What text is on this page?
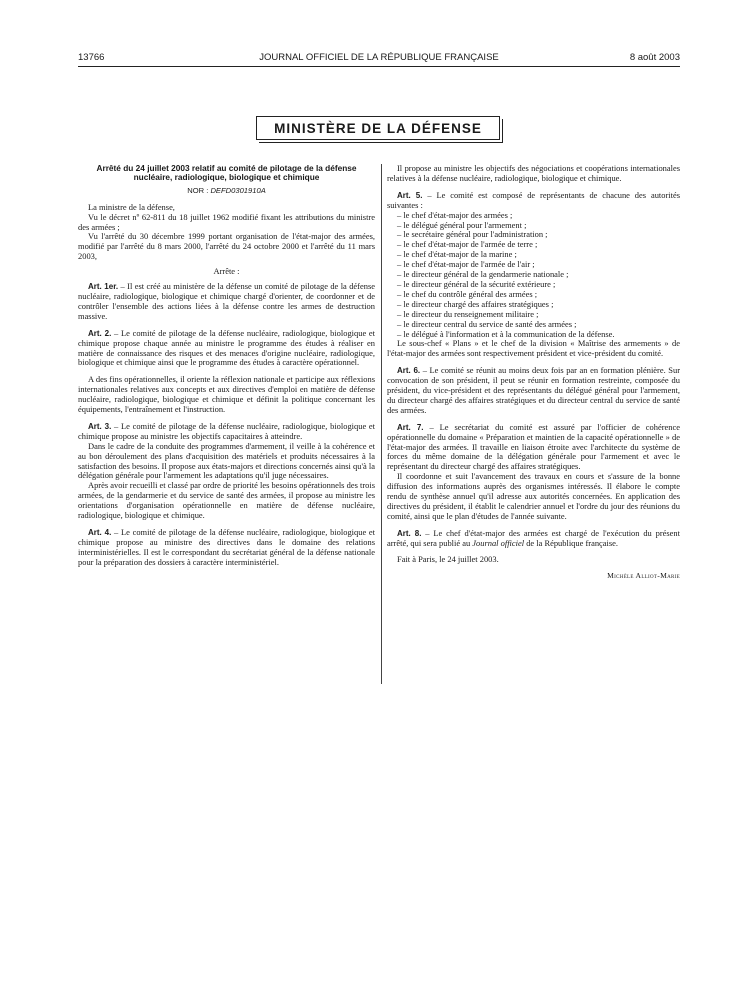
13766	JOURNAL OFFICIEL DE LA RÉPUBLIQUE FRANÇAISE	8 août 2003
MINISTÈRE DE LA DÉFENSE
Arrêté du 24 juillet 2003 relatif au comité de pilotage de la défense nucléaire, radiologique, biologique et chimique
NOR : DEFD0301910A

La ministre de la défense,

Vu le décret nº 62-811 du 18 juillet 1962 modifié fixant les attributions du ministre des armées ;

Vu l'arrêté du 30 décembre 1999 portant organisation de l'état-major des armées, modifié par l'arrêté du 8 mars 2000, l'arrêté du 24 octobre 2000 et l'arrêté du 11 mars 2003,

Arrête :

Art. 1er. – Il est créé au ministère de la défense un comité de pilotage de la défense nucléaire, radiologique, biologique et chimique chargé d'orienter, de coordonner et de contrôler l'ensemble des actions liées à la défense contre les armes de destruction massive.

Art. 2. – Le comité de pilotage de la défense nucléaire, radiologique, biologique et chimique propose chaque année au ministre le programme des études à réaliser en matière de connaissance des risques et des menaces d'origine nucléaire, radiologique, biologique et chimique ainsi que le programme des études à caractère opérationnel.

A des fins opérationnelles, il oriente la réflexion nationale et participe aux réflexions internationales relatives aux concepts et aux directives d'emploi en matière de défense nucléaire, radiologique, biologique et chimique et définit la politique concernant les équipements, l'entraînement et l'instruction.

Art. 3. – Le comité de pilotage de la défense nucléaire, radiologique, biologique et chimique propose au ministre les objectifs capacitaires à atteindre.

Dans le cadre de la conduite des programmes d'armement, il veille à la cohérence et au bon déroulement des plans d'acquisition des matériels et produits nécessaires à la satisfaction des besoins. Il propose aux états-majors et directions concernés ainsi qu'à la délégation générale pour l'armement les adaptations qu'il juge nécessaires.

Après avoir recueilli et classé par ordre de priorité les besoins opérationnels des trois armées, de la gendarmerie et du service de santé des armées, il propose au ministre les orientations d'organisation opérationnelle en matière de défense nucléaire, radiologique, biologique et chimique.

Art. 4. – Le comité de pilotage de la défense nucléaire, radiologique, biologique et chimique propose au ministre des directives dans le domaine des relations interministérielles. Il est le correspondant du secrétariat général de la défense nationale pour la préparation des dossiers à caractère interministériel.

Il propose au ministre les objectifs des négociations et coopérations internationales relatives à la défense nucléaire, radiologique, biologique et chimique.

Art. 5. – Le comité est composé de représentants de chacune des autorités suivantes :

– le chef d'état-major des armées ;
– le délégué général pour l'armement ;
– le secrétaire général pour l'administration ;
– le chef d'état-major de l'armée de terre ;
– le chef d'état-major de la marine ;
– le chef d'état-major de l'armée de l'air ;
– le directeur général de la gendarmerie nationale ;
– le directeur général de la sécurité extérieure ;
– le chef du contrôle général des armées ;
– le directeur chargé des affaires stratégiques ;
– le directeur du renseignement militaire ;
– le directeur central du service de santé des armées ;
– le délégué à l'information et à la communication de la défense.

Le sous-chef « Plans » et le chef de la division « Maîtrise des armements » de l'état-major des armées sont respectivement président et vice-président du comité.

Art. 6. – Le comité se réunit au moins deux fois par an en formation plénière. Sur convocation de son président, il peut se réunir en formation restreinte, composée du président, du vice-président et des représentants du délégué général pour l'armement, du directeur chargé des affaires stratégiques et du directeur central du service de santé des armées.

Art. 7. – Le secrétariat du comité est assuré par l'officier de cohérence opérationnelle du domaine « Préparation et maintien de la capacité opérationnelle » de l'état-major des armées. Il travaille en liaison étroite avec l'architecte du système de forces du même domaine de la délégation générale pour l'armement et avec le représentant du directeur chargé des affaires stratégiques.

Il coordonne et suit l'avancement des travaux en cours et s'assure de la bonne diffusion des informations auprès des organismes intéressés. Il élabore le compte rendu de synthèse annuel qu'il adresse aux autorités concernées. En application des directives du président, il établit le calendrier annuel et l'ordre du jour des réunions du comité, ainsi que le plan d'études de l'année suivante.

Art. 8. – Le chef d'état-major des armées est chargé de l'exécution du présent arrêté, qui sera publié au Journal officiel de la République française.

Fait à Paris, le 24 juillet 2003.

Michèle Alliot-Marie
